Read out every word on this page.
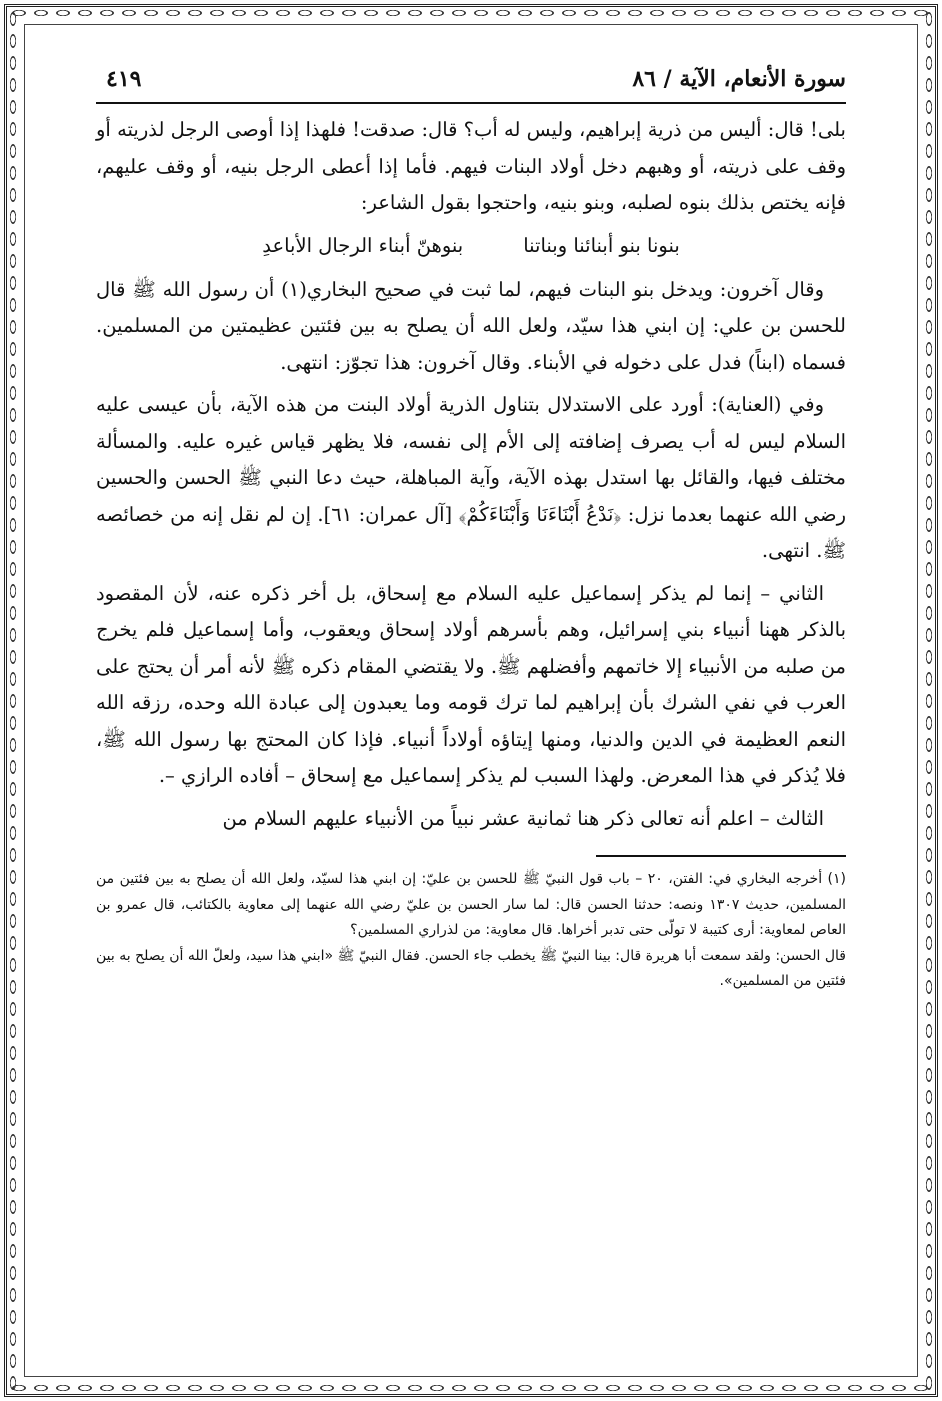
سورة الأنعام، الآية / ٨٦
٤١٩

بلى! قال: أليس من ذرية إبراهيم، وليس له أب؟ قال: صدقت! فلهذا إذا أوصى الرجل لذريته أو وقف على ذريته، أو وهبهم دخل أولاد البنات فيهم. فأما إذا أعطى الرجل بنيه، أو وقف عليهم، فإنه يختص بذلك بنوه لصلبه، وبنو بنيه، واحتجوا بقول الشاعر:

بنونا بنو أبنائنا وبناتنا
بنوهنّ أبناء الرجال الأباعدِ

وقال آخرون: ويدخل بنو البنات فيهم، لما ثبت في صحيح البخاري(١) أن رسول الله ﷺ قال للحسن بن علي: إن ابني هذا سيّد، ولعل الله أن يصلح به بين فئتين عظيمتين من المسلمين. فسماه (ابناً) فدل على دخوله في الأبناء. وقال آخرون: هذا تجوّز: انتهى.

وفي (العناية): أورد على الاستدلال بتناول الذرية أولاد البنت من هذه الآية، بأن عيسى عليه السلام ليس له أب يصرف إضافته إلى الأم إلى نفسه، فلا يظهر قياس غيره عليه. والمسألة مختلف فيها، والقائل بها استدل بهذه الآية، وآية المباهلة، حيث دعا النبي ﷺ الحسن والحسين رضي الله عنهما بعدما نزل: ﴿نَدْعُ أَبْنَاءَنَا وَأَبْنَاءَكُمْ﴾ [آل عمران: ٦١]. إن لم نقل إنه من خصائصه ﷺ. انتهى.

الثاني – إنما لم يذكر إسماعيل عليه السلام مع إسحاق، بل أخر ذكره عنه، لأن المقصود بالذكر ههنا أنبياء بني إسرائيل، وهم بأسرهم أولاد إسحاق ويعقوب، وأما إسماعيل فلم يخرج من صلبه من الأنبياء إلا خاتمهم وأفضلهم ﷺ. ولا يقتضي المقام ذكره ﷺ لأنه أمر أن يحتج على العرب في نفي الشرك بأن إبراهيم لما ترك قومه وما يعبدون إلى عبادة الله وحده، رزقه الله النعم العظيمة في الدين والدنيا، ومنها إيتاؤه أولاداً أنبياء. فإذا كان المحتج بها رسول الله ﷺ، فلا يُذكر في هذا المعرض. ولهذا السبب لم يذكر إسماعيل مع إسحاق – أفاده الرازي –.

الثالث – اعلم أنه تعالى ذكر هنا ثمانية عشر نبياً من الأنبياء عليهم السلام من

(١) أخرجه البخاري في: الفتن، ٢٠ – باب قول النبيّ ﷺ للحسن بن عليّ: إن ابني هذا لسيّد، ولعل الله أن يصلح به بين فئتين من المسلمين، حديث ١٣٠٧ ونصه: حدثنا الحسن قال: لما سار الحسن بن عليّ رضي الله عنهما إلى معاوية بالكتائب، قال عمرو بن العاص لمعاوية: أرى كتيبة لا تولّى حتى تدبر أخراها. قال معاوية: من لذراري المسلمين؟

قال الحسن: ولقد سمعت أبا هريرة قال: بينا النبيّ ﷺ يخطب جاء الحسن. فقال النبيّ ﷺ «ابني هذا سيد، ولعلّ الله أن يصلح به بين فئتين من المسلمين».
